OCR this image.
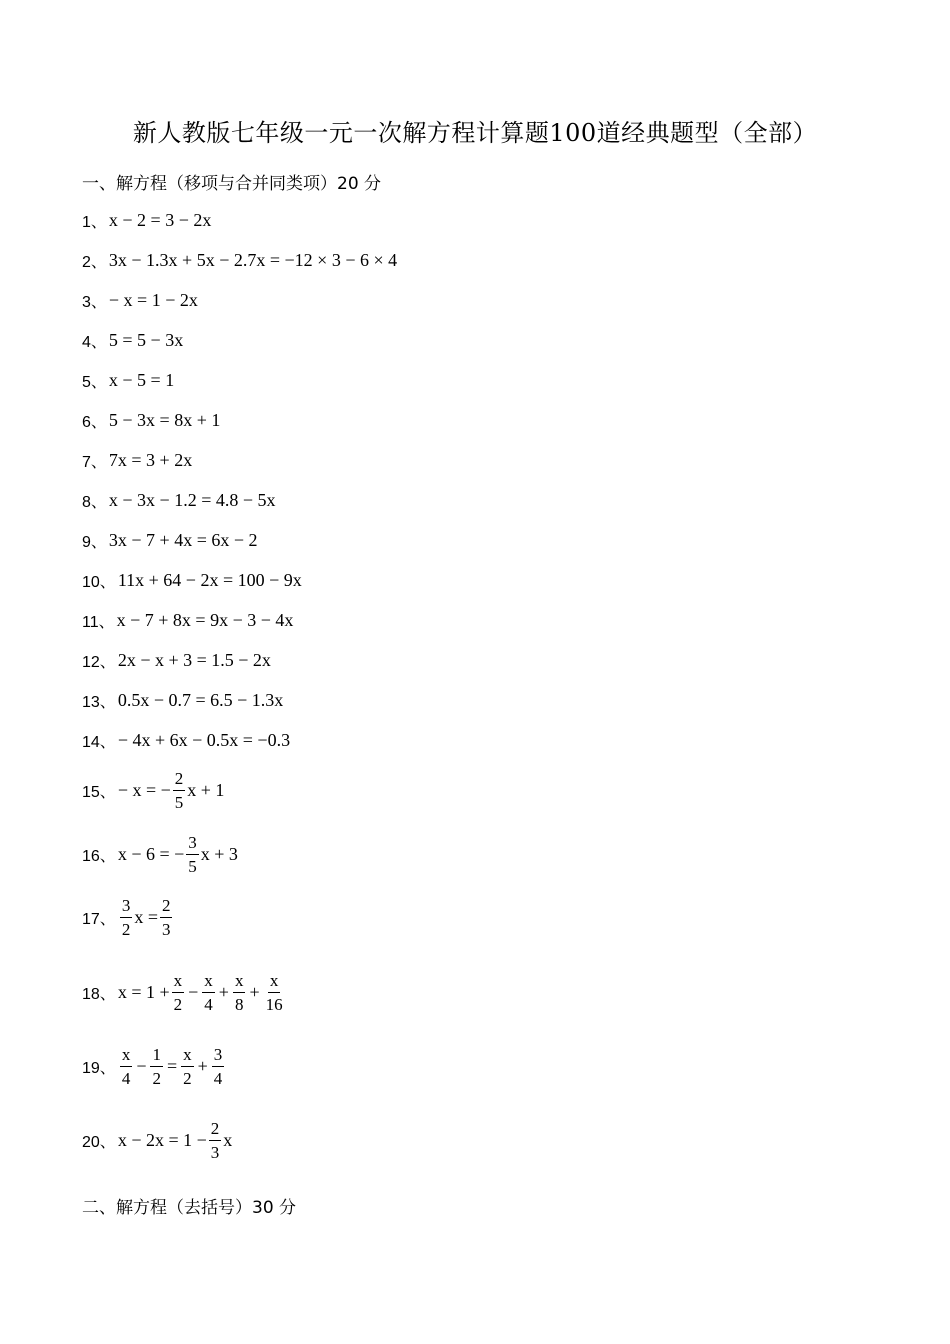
新人教版七年级一元一次解方程计算题100道经典题型（全部）
一、解方程（移项与合并同类项）20 分
1、 x − 2 = 3 − 2x
2、 3x − 1.3x + 5x − 2.7x = −12 × 3 − 6 × 4
3、 − x = 1 − 2x
4、 5 = 5 − 3x
5、 x − 5 = 1
6、 5 − 3x = 8x + 1
7、 7x = 3 + 2x
8、 x − 3x − 1.2 = 4.8 − 5x
9、 3x − 7 + 4x = 6x − 2
10、 11x + 64 − 2x = 100 − 9x
11、 x − 7 + 8x = 9x − 3 − 4x
12、 2x − x + 3 = 1.5 − 2x
13、 0.5x − 0.7 = 6.5 − 1.3x
14、 − 4x + 6x − 0.5x = −0.3
15、 − x = − $\frac{2}{5}$ x + 1
16、 x − 6 = − $\frac{3}{5}$ x + 3
17、 $\frac{3}{2}$ $x = \frac{2}{3}$
18、 $x = 1 + \frac{x}{2} - \frac{x}{4} + \frac{x}{8} + \frac{x}{16}$
19、 $\frac{x}{4} - \frac{1}{2} = \frac{x}{2} + \frac{3}{4}$
20、 $x - 2x = 1 - \frac{2}{3}$ x
二、解方程（去括号）30 分
